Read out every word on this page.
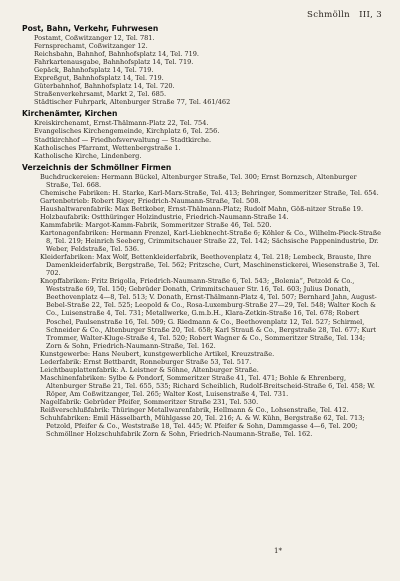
Schmölln III, 3
Post, Bahn, Verkehr, Fuhrwesen
Postamt, Coßwitzanger 12, Tel. 781.
Fernsprechamt, Coßwitzanger 12.
Reichsbahn, Bahnhof, Bahnhofsplatz 14, Tel. 719.
Fahrkartenausgabe, Bahnhofsplatz 14, Tel. 719.
Gepäck, Bahnhofsplatz 14, Tel. 719.
Expreßgut, Bahnhofsplatz 14, Tel. 719.
Güterbahnhof, Bahnhofsplatz 14, Tel. 720.
Straßenverkehrsamt, Markt 2, Tel. 685.
Städtischer Fuhrpark, Altenburger Straße 77, Tel. 461/462
Kirchenämter, Kirchen
Kreiskirchenamt, Ernst-Thälmann-Platz 22, Tel. 754.
Evangelisches Kirchengemeinde, Kirchplatz 6, Tel. 256.
Stadtkirchhof — Friedhofsverwaltung — Stadtkirche.
Katholisches Pfarramt, Wettenbergstraße 1.
Katholische Kirche, Lindenberg.
Verzeichnis der Schmöllner Firmen
Buchdruckereien: Hermann Bückel, Altenburger Straße, Tel. 300; Ernst Bornzsch, Altenburger Straße, Tel. 668.
Chemische Fabriken: H. Starke, Karl-Marx-Straße, Tel. 413; Behringer, Sommeritzer Straße, Tel. 654.
Gartenbetrieb: Robert Riger, Friedrich-Naumann-Straße, Tel. 508.
Haushaltwarenfabrik: Max Bettkober, Ernst-Thälmann-Platz; Rudolf Mahn, Göß-nitzer Straße 19.
Holzbaufabrik: Ostthüringer Holzindustrie, Friedrich-Naumann-Straße 14.
Kammfabrik: Margot-Kamm-Fabrik, Sommeritzer Straße 46, Tel. 520.
Kartonagenfabriken: Hermann Frenzel, Karl-Liebknecht-Straße 6; Köhler & Co., Wilhelm-Pieck-Straße 8, Tel. 219; Heinrich Seeberg, Crimmitschauer Straße 22, Tel. 142; Sächsische Pappenindustrie, Dr. Weber, Feldstraße, Tel. 536.
Kleiderfabriken: Max Wolf, Bettenkleiderfabrik, Beethovenplatz 4, Tel. 218; Lembeck, Brauste, Ihre Damenkleiderfabrik, Bergstraße, Tel. 562; Fritzsche, Curt, Maschinenstickerei, Wiesenstraße 3, Tel. 702.
Knopffabriken: Fritz Brigolla, Friedrich-Naumann-Straße 6, Tel. 543; „Bolenia“, Petzold & Co., Weststraße 69, Tel. 150; Gebrüder Donath, Crimmitschauer Str. 16, Tel. 603; Julius Donath, Beethovenplatz 4—8, Tel. 513; V. Donath, Ernst-Thälmann-Platz 4, Tel. 507; Bernhard Jahn, August-Bebel-Straße 22, Tel. 525; Leopold & Co., Rosa-Luxemburg-Straße 27—29, Tel. 548; Walter Koch & Co., Luisenstraße 4, Tel. 731; Metallwerke, G.m.b.H., Klara-Zetkin-Straße 16, Tel. 678; Robert Poschel, Paulsenstraße 16, Tel. 509; G. Riedmann & Co., Beethovenplatz 12, Tel. 527; Schirmel, Schneider & Co., Altenburger Straße 20, Tel. 658; Karl Strauß & Co., Bergstraße 28, Tel. 677; Kurt Trommer, Walter-Kluge-Straße 4, Tel. 520; Robert Wagner & Co., Sommeritzer Straße, Tel. 134; Zorn & Sohn, Friedrich-Naumann-Straße, Tel. 162.
Kunstgewerbe: Hans Neubert, kunstgewerbliche Artikel, Kreuzstraße.
Lederfabrik: Ernst Bettbardt, Ronneburger Straße 53, Tel. 517.
Leichtbauplattenfabrik: A. Leistner & Söhne, Altenburger Straße.
Maschinenfabriken: Sylbe & Pondorf, Sommeritzer Straße 41, Tel. 471; Bohle & Ehrenberg, Altenburger Straße 21, Tel. 655, 535; Richard Scheiblich, Rudolf-Breitscheid-Straße 6, Tel. 458; W. Röper, Am Coßwitzanger, Tel. 265; Walter Kost, Luisenstraße 4, Tel. 731.
Nagelfabrik: Gebrüder Pfeifer, Sommeritzer Straße 231, Tel. 530.
Reißverschlußfabrik: Thüringer Metallwarenfabrik, Hellmann & Co., Lohsenstraße, Tel. 412.
Schuhfabriken: Emil Hässelbarth, Mühlgasse 20, Tel. 216; A. & W. Kühn, Bergstraße 62, Tel. 713; Petzold, Pfeifer & Co., Weststraße 18, Tel. 445; W. Pfeifer & Sohn, Dammgasse 4—6, Tel. 200; Schmöllner Holzschuhfabrik Zorn & Sohn, Friedrich-Naumann-Straße, Tel. 162.
1*
